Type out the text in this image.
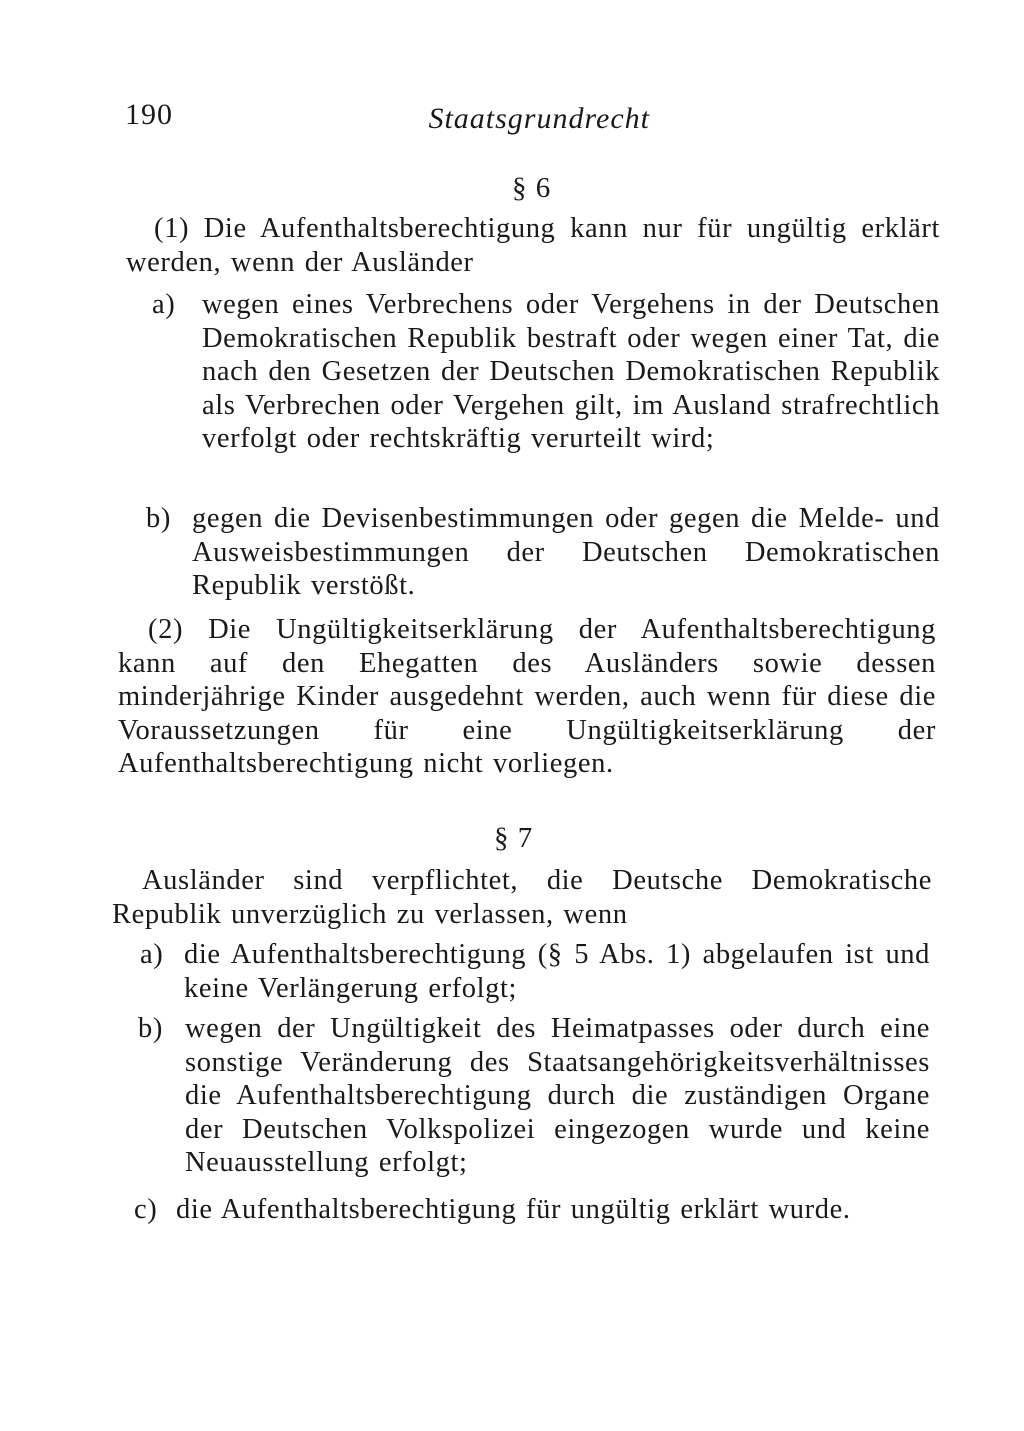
190	Staatsgrundrecht
§ 6
(1) Die Aufenthaltsberechtigung kann nur für ungültig erklärt werden, wenn der Ausländer
a) wegen eines Verbrechens oder Vergehens in der Deutschen Demokratischen Republik bestraft oder wegen einer Tat, die nach den Gesetzen der Deutschen Demokratischen Republik als Verbrechen oder Vergehen gilt, im Ausland strafrechtlich verfolgt oder rechtskräftig verurteilt wird;
b) gegen die Devisenbestimmungen oder gegen die Melde- und Ausweisbestimmungen der Deutschen Demokratischen Republik verstößt.
(2) Die Ungültigkeitserklärung der Aufenthaltsberechtigung kann auf den Ehegatten des Ausländers sowie dessen minderjährige Kinder ausgedehnt werden, auch wenn für diese die Voraussetzungen für eine Ungültigkeitserklärung der Aufenthaltsberechtigung nicht vorliegen.
§ 7
Ausländer sind verpflichtet, die Deutsche Demokratische Republik unverzüglich zu verlassen, wenn
a) die Aufenthaltsberechtigung (§ 5 Abs. 1) abgelaufen ist und keine Verlängerung erfolgt;
b) wegen der Ungültigkeit des Heimatpasses oder durch eine sonstige Veränderung des Staatsangehörigkeitsverhältnisses die Aufenthaltsberechtigung durch die zuständigen Organe der Deutschen Volkspolizei eingezogen wurde und keine Neuausstellung erfolgt;
c) die Aufenthaltsberechtigung für ungültig erklärt wurde.
